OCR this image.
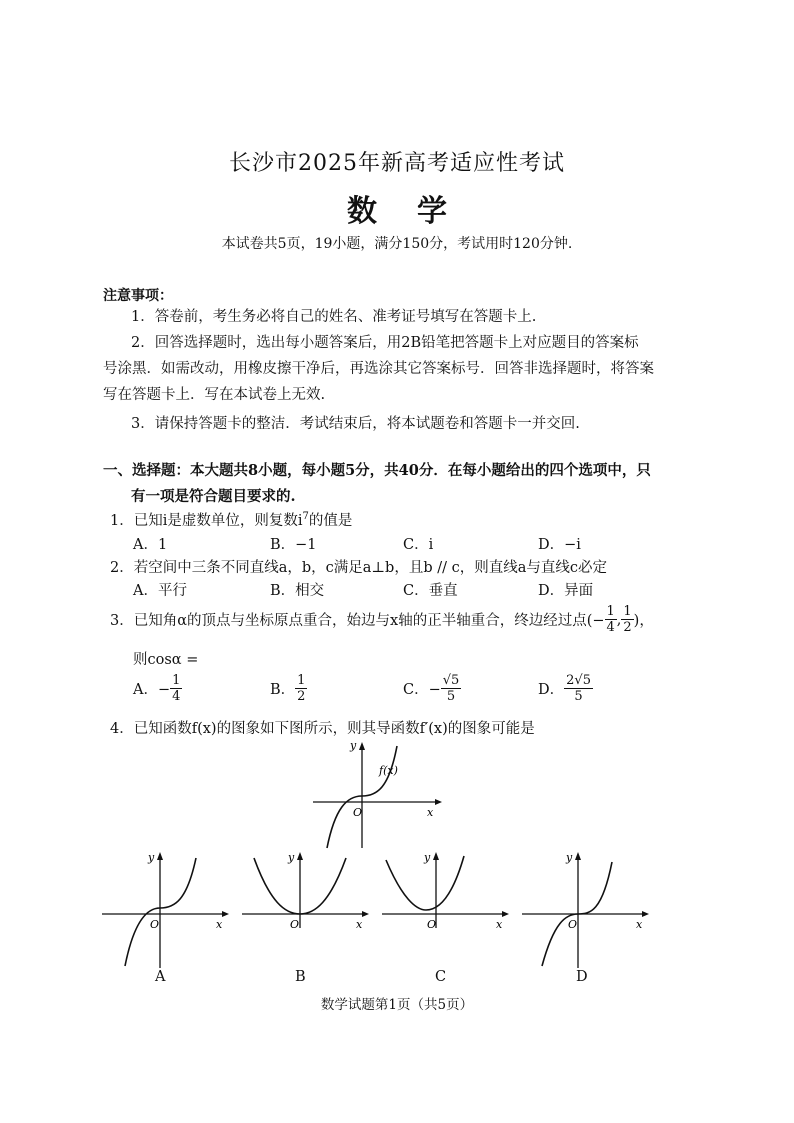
长沙市2025年新高考适应性考试
数学
本试卷共5页，19小题，满分150分，考试用时120分钟.
注意事项：
1．答卷前，考生务必将自己的姓名、准考证号填写在答题卡上.
2．回答选择题时，选出每小题答案后，用2B铅笔把答题卡上对应题目的答案标
号涂黑．如需改动，用橡皮擦干净后，再选涂其它答案标号．回答非选择题时，将答案
写在答题卡上．写在本试卷上无效.
3．请保持答题卡的整洁．考试结束后，将本试题卷和答题卡一并交回.
一、选择题：本大题共8小题，每小题5分，共40分．在每小题给出的四个选项中，只
有一项是符合题目要求的.
1．已知i是虚数单位，则复数$i^7$的值是
A．1	B．−1	C．i	D．−i
2．若空间中三条不同直线a，b，c满足a⊥b，且b // c，则直线a与直线c必定
A．平行	B．相交	C．垂直	D．异面
3．已知角α的顶点与坐标原点重合，始边与x轴的正半轴重合，终边经过点(− $\frac{1}{4}$ , $\frac{1}{2}$ )，
则cosα =
A．− $\frac{1}{4}$	B． $\frac{1}{2}$	C．− $\frac{√5}{5}$	D． $\frac{2√5}{5}$
4．已知函数f(x)的图象如下图所示，则其导函数f′(x)的图象可能是
y
x
O
f(x)
y
x
O
A
y
x
O
B
y
x
O
C
y
x
O
D
数学试题第1页（共5页）
